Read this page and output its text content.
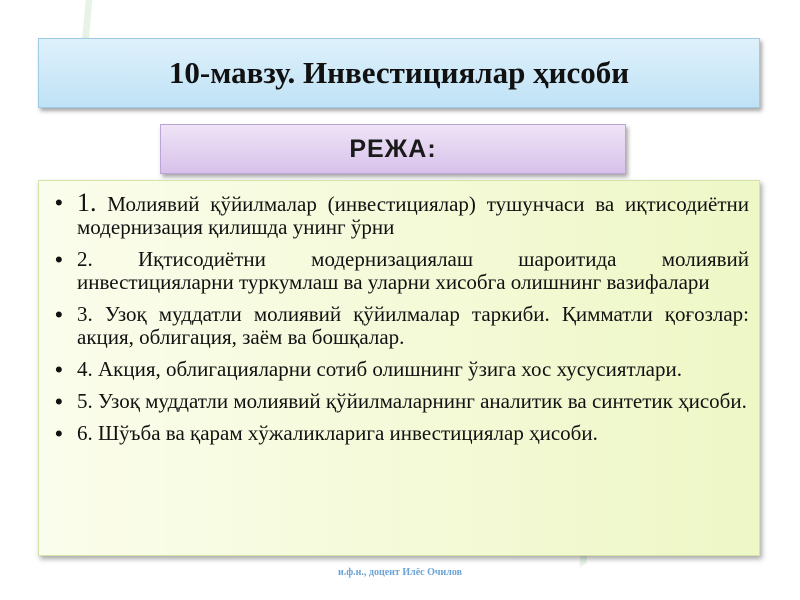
10-мавзу. Инвестициялар ҳисоби
РЕЖА:
• 1. Молиявий қўйилмалар (инвестициялар) тушунчаси ва иқтисодиётни модернизация қилишда унинг ўрни
• 2. Иқтисодиётни модернизациялаш шароитида молиявий инвестицияларни туркумлаш ва уларни хисобга олишнинг вазифалари
• 3. Узоқ муддатли молиявий қўйилмалар таркиби. Қимматли қоғозлар: акция, облигация, заём ва бошқалар.
• 4. Акция, облигацияларни сотиб олишнинг ўзига хос хусусиятлари.
• 5. Узоқ муддатли молиявий қўйилмаларнинг аналитик ва синтетик ҳисоби.
• 6. Шўъба ва қарам хўжаликларига инвестициялар ҳисоби.
и.ф.н., доцент Илёс Очилов
